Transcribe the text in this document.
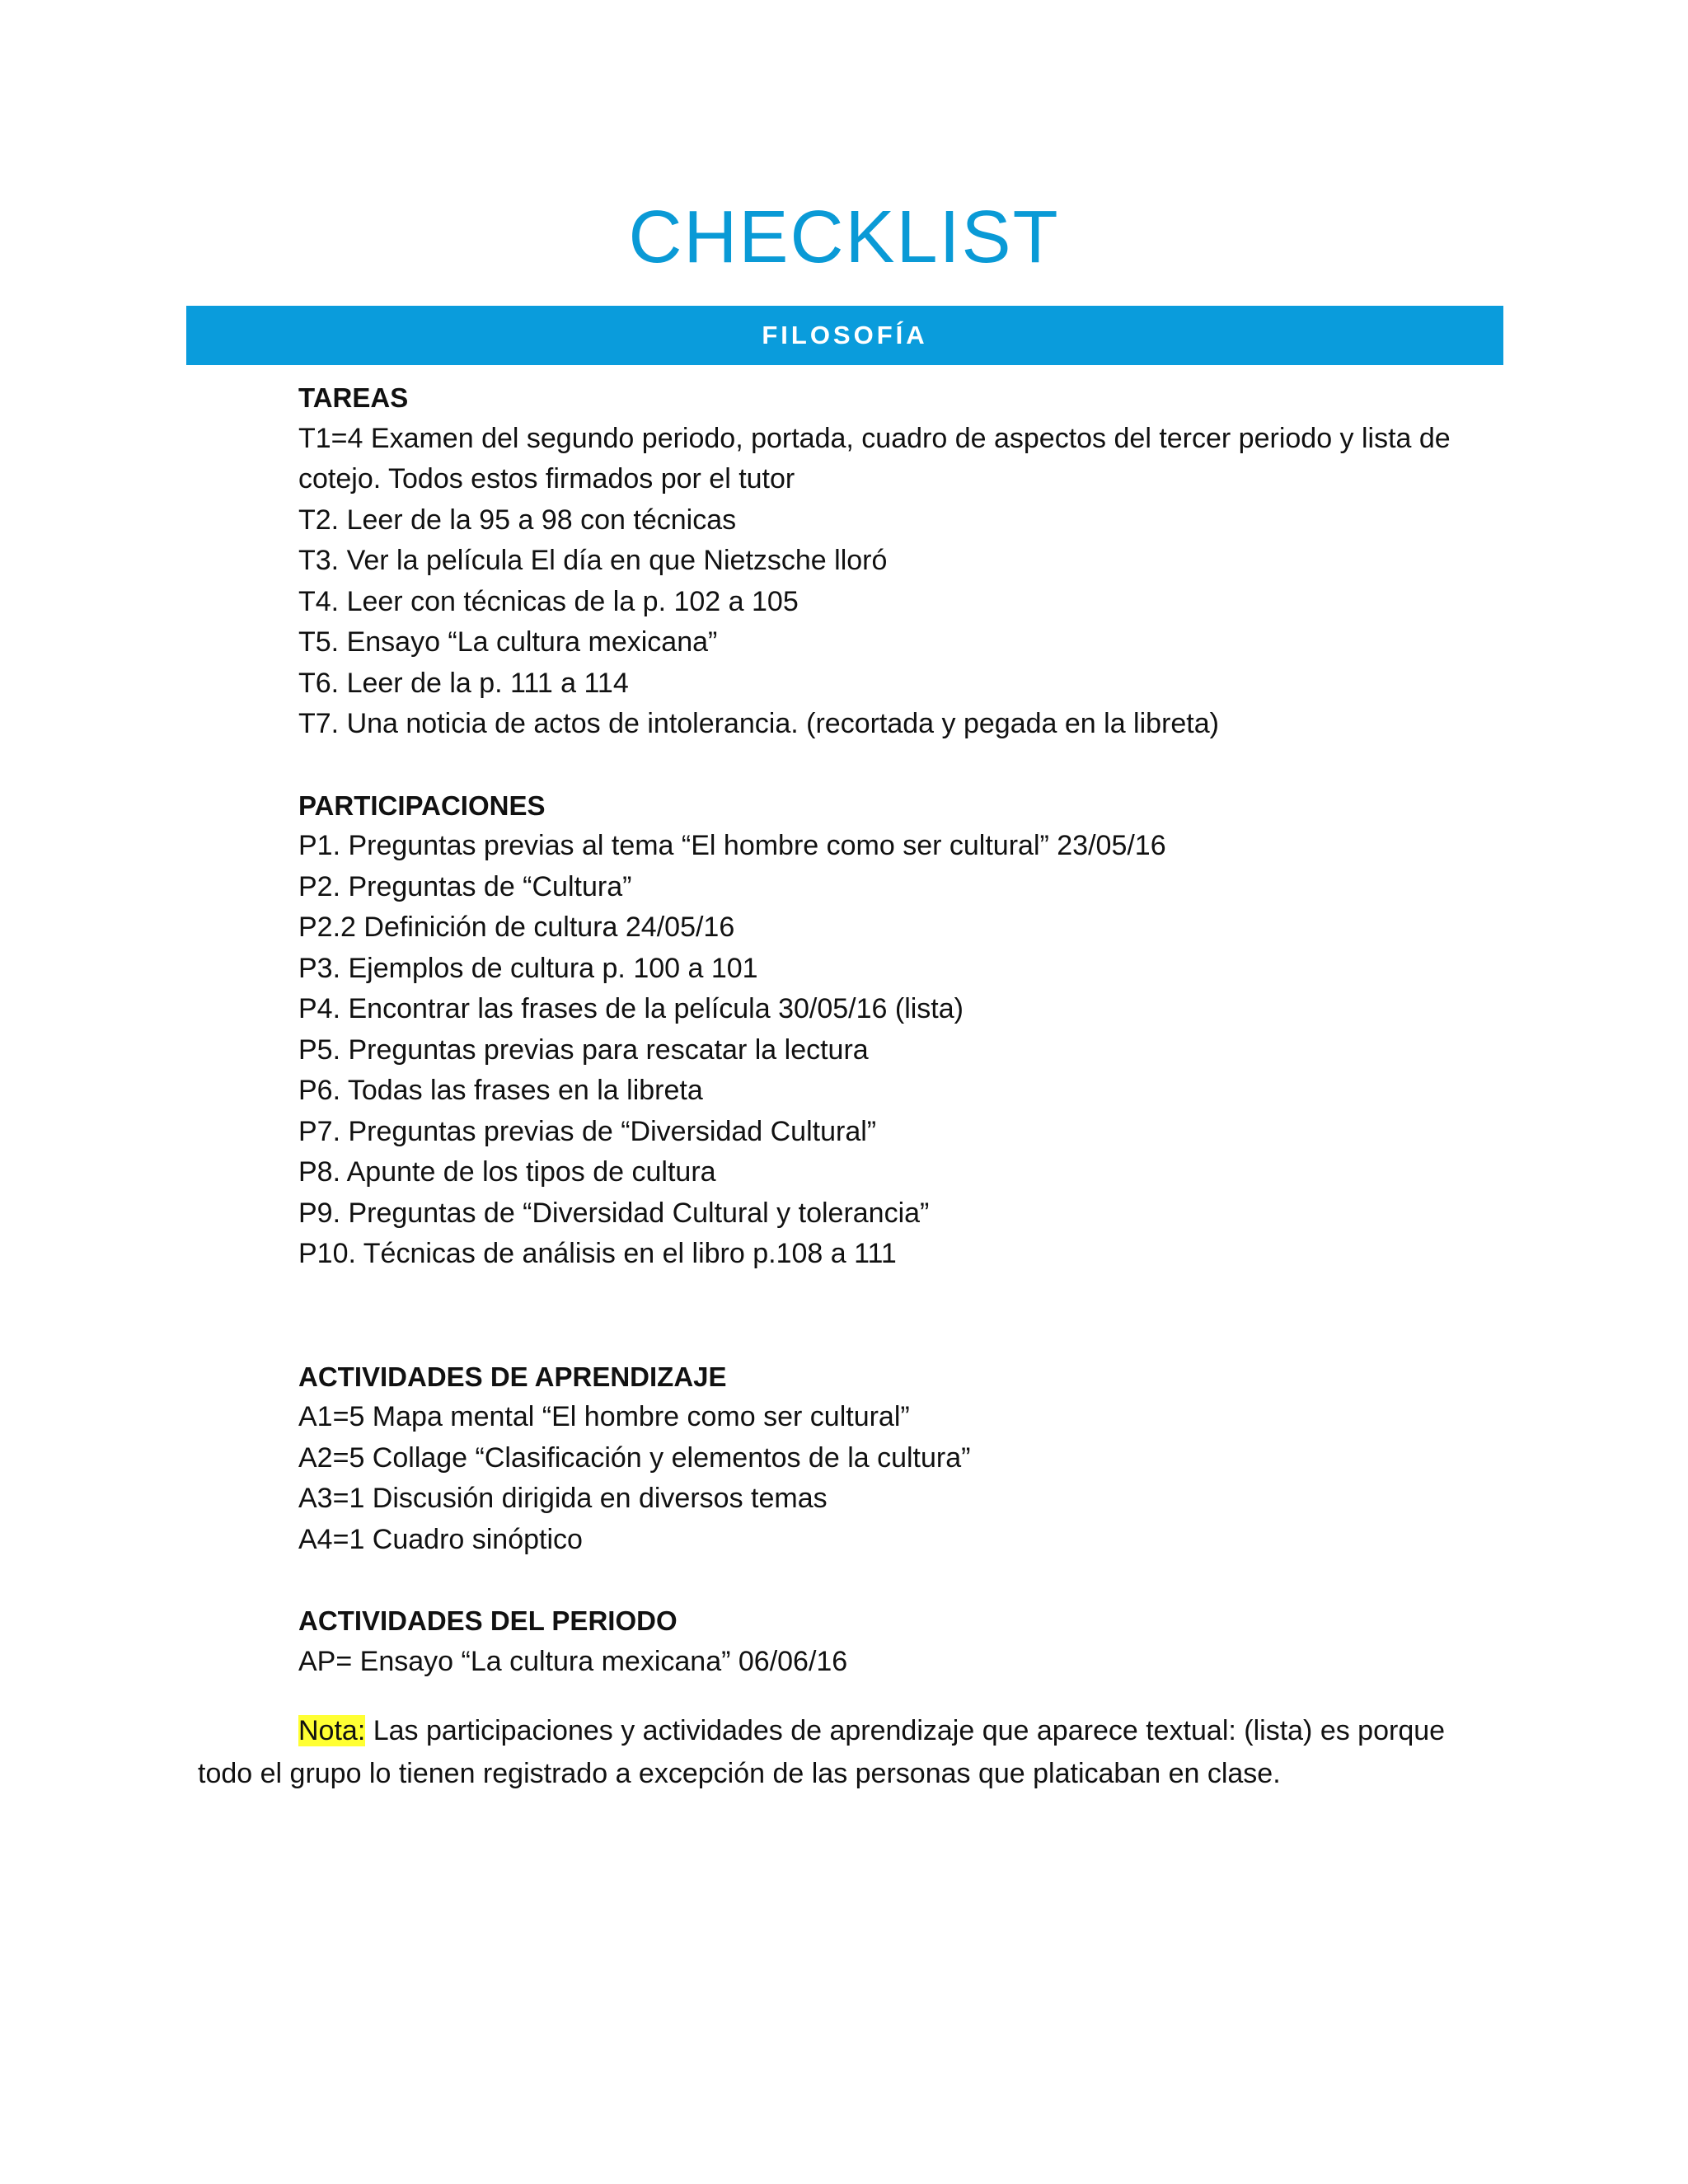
CHECKLIST
FILOSOFÍA
TAREAS
T1=4 Examen del segundo periodo, portada, cuadro de aspectos del tercer periodo y lista de
cotejo. Todos estos firmados por el tutor
T2. Leer de la 95 a 98 con técnicas
T3. Ver la película El día en que Nietzsche lloró
T4. Leer con técnicas de la p. 102 a 105
T5. Ensayo “La cultura mexicana”
T6. Leer de la p. 111 a 114
T7. Una noticia de actos de intolerancia. (recortada y pegada en la libreta)
PARTICIPACIONES
P1. Preguntas previas al tema “El hombre como ser cultural” 23/05/16
P2. Preguntas de “Cultura”
P2.2 Definición de cultura 24/05/16
P3. Ejemplos de cultura p. 100 a 101
P4. Encontrar las frases de la película 30/05/16 (lista)
P5. Preguntas previas para rescatar la lectura
P6. Todas las frases en la libreta
P7. Preguntas previas de “Diversidad Cultural”
P8. Apunte de los tipos de cultura
P9. Preguntas de “Diversidad Cultural y tolerancia”
P10. Técnicas de análisis en el libro p.108 a 111
ACTIVIDADES DE APRENDIZAJE
A1=5 Mapa mental “El hombre como ser cultural”
A2=5 Collage “Clasificación y elementos de la cultura”
A3=1 Discusión dirigida en diversos temas
A4=1 Cuadro sinóptico
ACTIVIDADES DEL PERIODO
AP= Ensayo “La cultura mexicana” 06/06/16
Nota: Las participaciones y actividades de aprendizaje que aparece textual: (lista) es porque
todo el grupo lo tienen registrado a excepción de las personas que platicaban en clase.
